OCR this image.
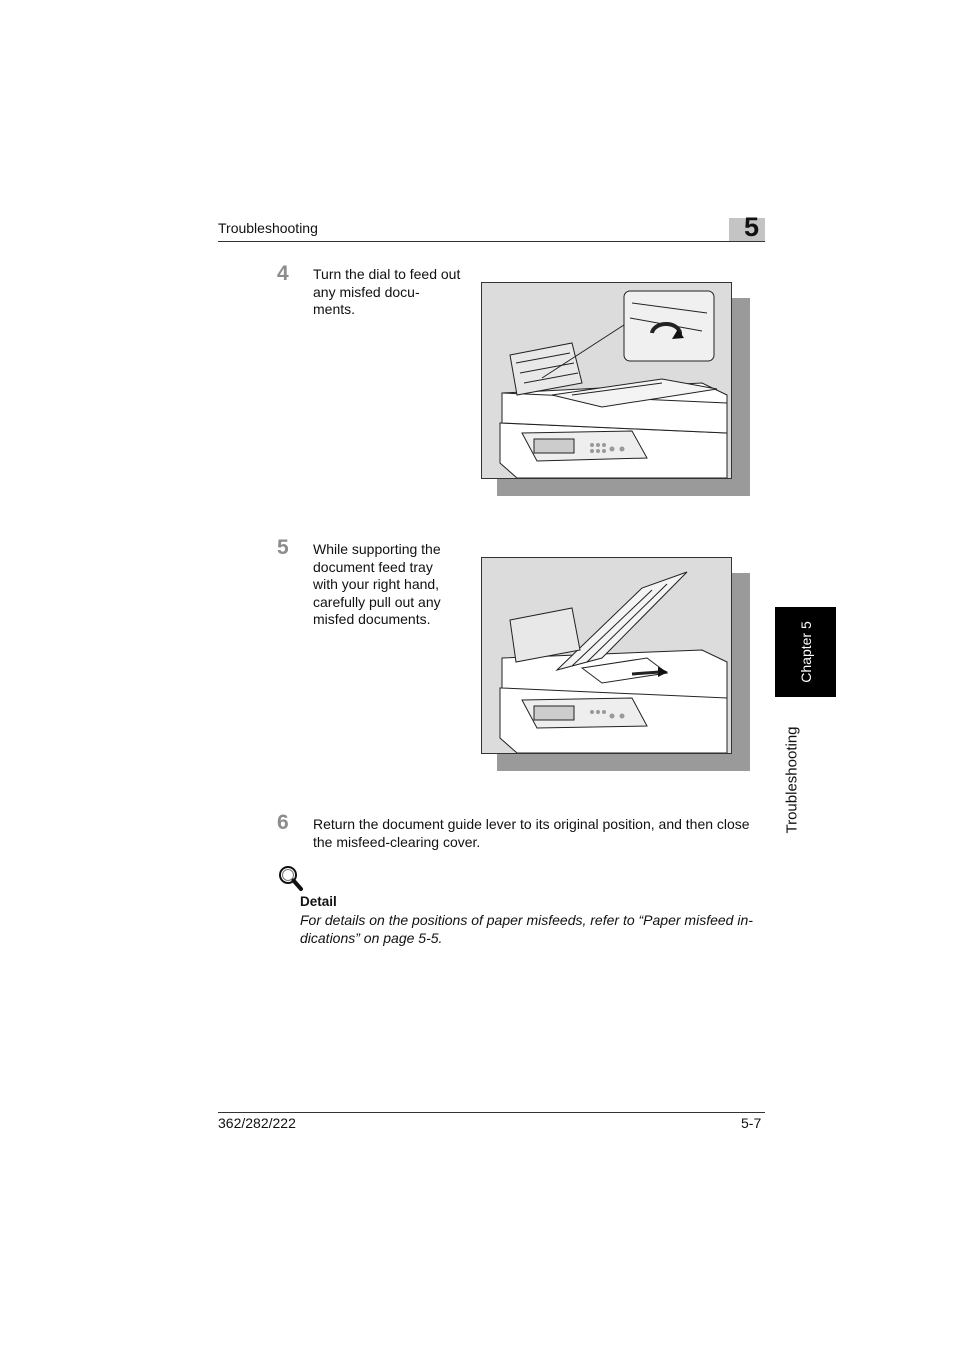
Troubleshooting	5
4 Turn the dial to feed out any misfed docu-
ments.
5 While supporting the document feed tray with your right hand, carefully pull out any misfed documents.
6 Return the document guide lever to its original position, and then close the misfeed-clearing cover.
Detail
For details on the positions of paper misfeeds, refer to “Paper misfeed in-dications” on page 5-5.
Chapter 5
Troubleshooting
362/282/222	5-7
